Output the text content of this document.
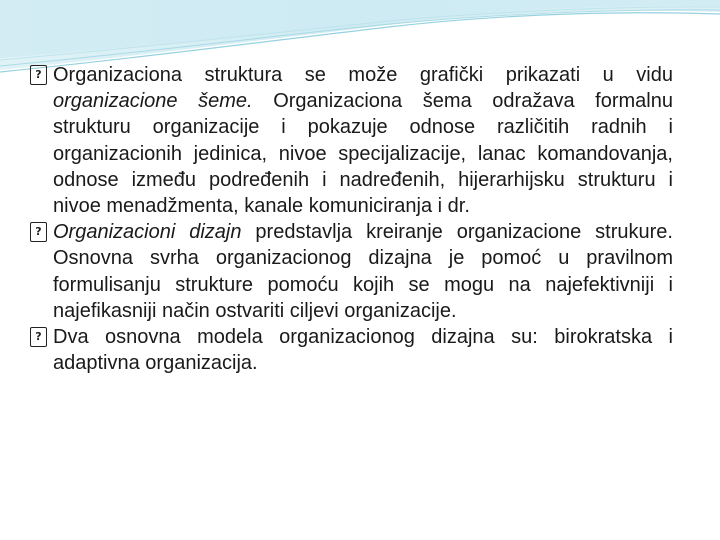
?
Organizaciona struktura se može grafički prikazati u vidu organizacione šeme. Organizaciona šema odražava formalnu strukturu organizacije i pokazuje odnose različitih radnih i organizacionih jedinica, nivoe specijalizacije, lanac komandovanja, odnose između podređenih i nadređenih, hijerarhijsku strukturu i nivoe menadžmenta, kanale komuniciranja i dr.

?
Organizacioni dizajn predstavlja kreiranje organizacione strukure. Osnovna svrha organizacionog dizajna je pomoć u pravilnom formulisanju strukture pomoću kojih se mogu na najefektivniji i najefikasniji način ostvariti ciljevi organizacije.

?
Dva osnovna modela organizacionog dizajna su: birokratska i adaptivna organizacija.
